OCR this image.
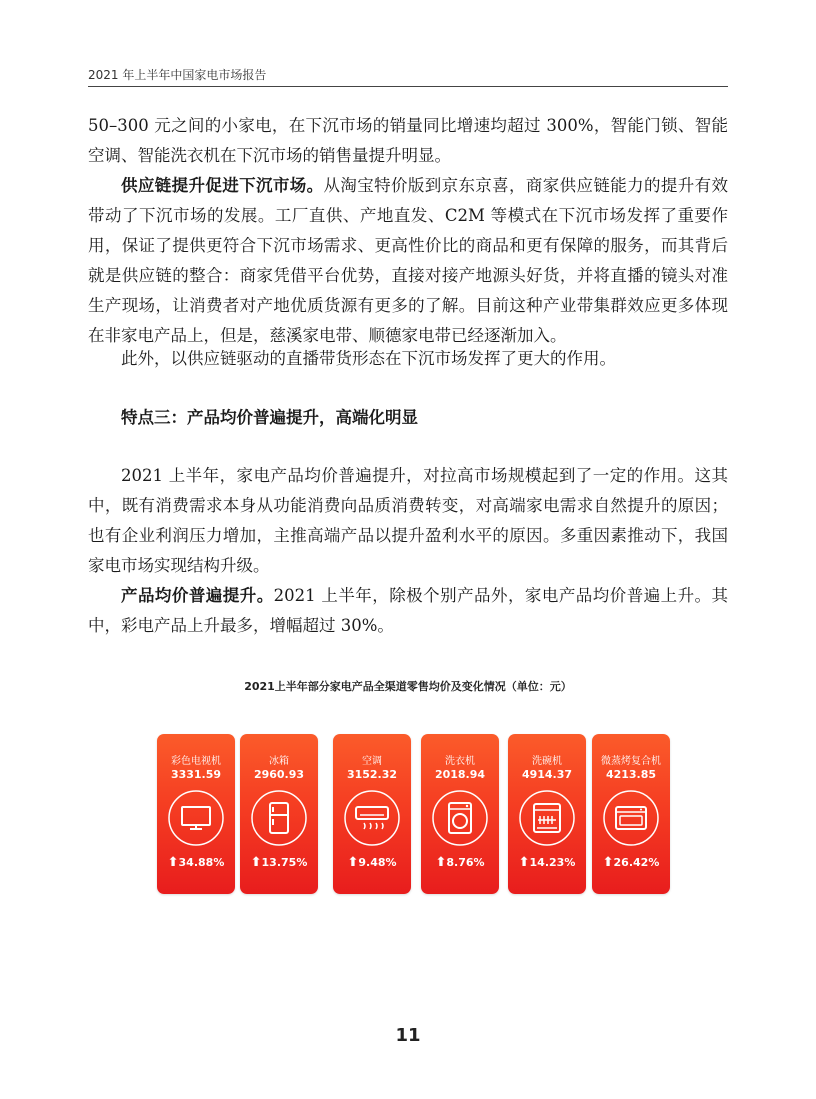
2021 年上半年中国家电市场报告

50–300 元之间的小家电，在下沉市场的销量同比增速均超过 300%，智能门锁、智能空调、智能洗衣机在下沉市场的销售量提升明显。

供应链提升促进下沉市场。从淘宝特价版到京东京喜，商家供应链能力的提升有效带动了下沉市场的发展。工厂直供、产地直发、C2M 等模式在下沉市场发挥了重要作用，保证了提供更符合下沉市场需求、更高性价比的商品和更有保障的服务，而其背后就是供应链的整合：商家凭借平台优势，直接对接产地源头好货，并将直播的镜头对准生产现场，让消费者对产地优质货源有更多的了解。目前这种产业带集群效应更多体现在非家电产品上，但是，慈溪家电带、顺德家电带已经逐渐加入。

此外，以供应链驱动的直播带货形态在下沉市场发挥了更大的作用。

特点三：产品均价普遍提升，高端化明显

2021 上半年，家电产品均价普遍提升，对拉高市场规模起到了一定的作用。这其中，既有消费需求本身从功能消费向品质消费转变，对高端家电需求自然提升的原因；也有企业利润压力增加，主推高端产品以提升盈利水平的原因。多重因素推动下，我国家电市场实现结构升级。

产品均价普遍提升。2021 上半年，除极个别产品外，家电产品均价普遍上升。其中，彩电产品上升最多，增幅超过 30%。

2021上半年部分家电产品全渠道零售均价及变化情况（单位：元）
彩色电视机
3331.59
⬆34.88%
冰箱
2960.93
⬆13.75%
空调
3152.32
⬆9.48%
洗衣机
2018.94
⬆8.76%
洗碗机
4914.37
⬆14.23%
微蒸烤复合机
4213.85
⬆26.42%
11
